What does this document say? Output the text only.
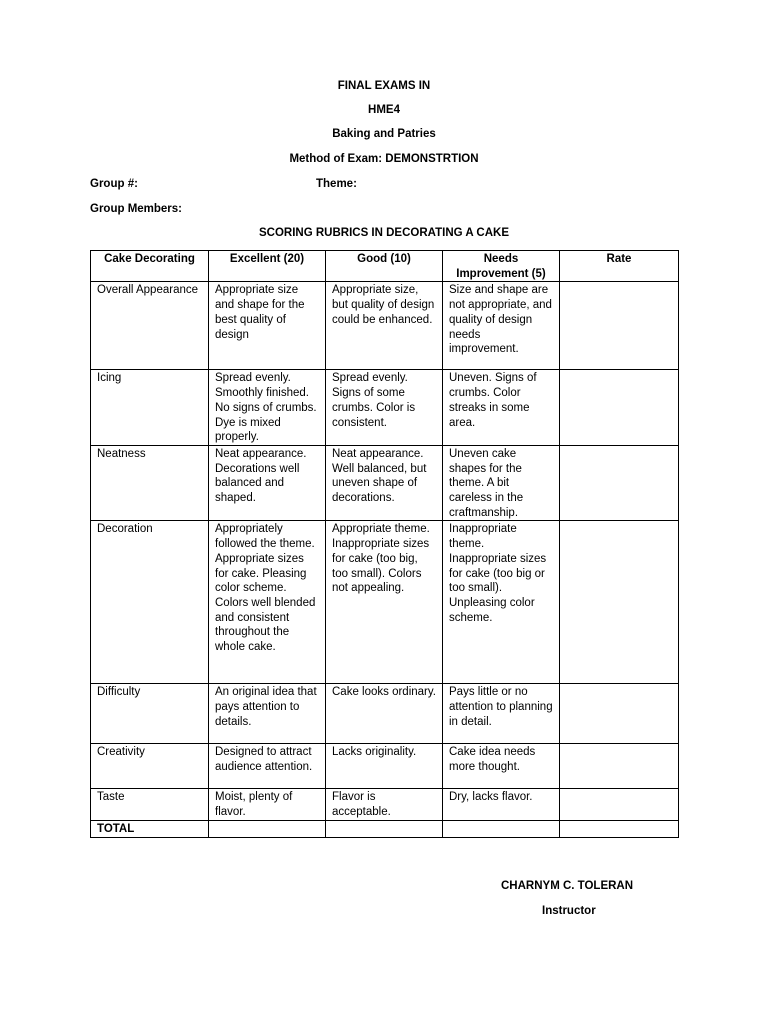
FINAL EXAMS IN
HME4
Baking and Patries
Method of Exam: DEMONSTRTION
Group #:	Theme:
Group Members:
SCORING RUBRICS IN DECORATING A CAKE
Cake Decorating	Excellent (20)	Good (10)	Needs Improvement (5)	Rate
Overall Appearance	Appropriate size and shape for the best quality of design	Appropriate size, but quality of design could be enhanced.	Size and shape are not appropriate, and quality of design needs improvement.	
Icing	Spread evenly. Smoothly finished. No signs of crumbs. Dye is mixed properly.	Spread evenly. Signs of some crumbs. Color is consistent.	Uneven. Signs of crumbs. Color streaks in some area.	
Neatness	Neat appearance. Decorations well balanced and shaped.	Neat appearance. Well balanced, but uneven shape of decorations.	Uneven cake shapes for the theme. A bit careless in the craftmanship.	
Decoration	Appropriately followed the theme. Appropriate sizes for cake. Pleasing color scheme. Colors well blended and consistent throughout the whole cake.	Appropriate theme. Inappropriate sizes for cake (too big, too small). Colors not appealing.	Inappropriate theme. Inappropriate sizes for cake (too big or too small). Unpleasing color scheme.	
Difficulty	An original idea that pays attention to details.	Cake looks ordinary.	Pays little or no attention to planning in detail.	
Creativity	Designed to attract audience attention.	Lacks originality.	Cake idea needs more thought.	
Taste	Moist, plenty of flavor.	Flavor is acceptable.	Dry, lacks flavor.	
TOTAL				
CHARNYM C. TOLERAN
Instructor
